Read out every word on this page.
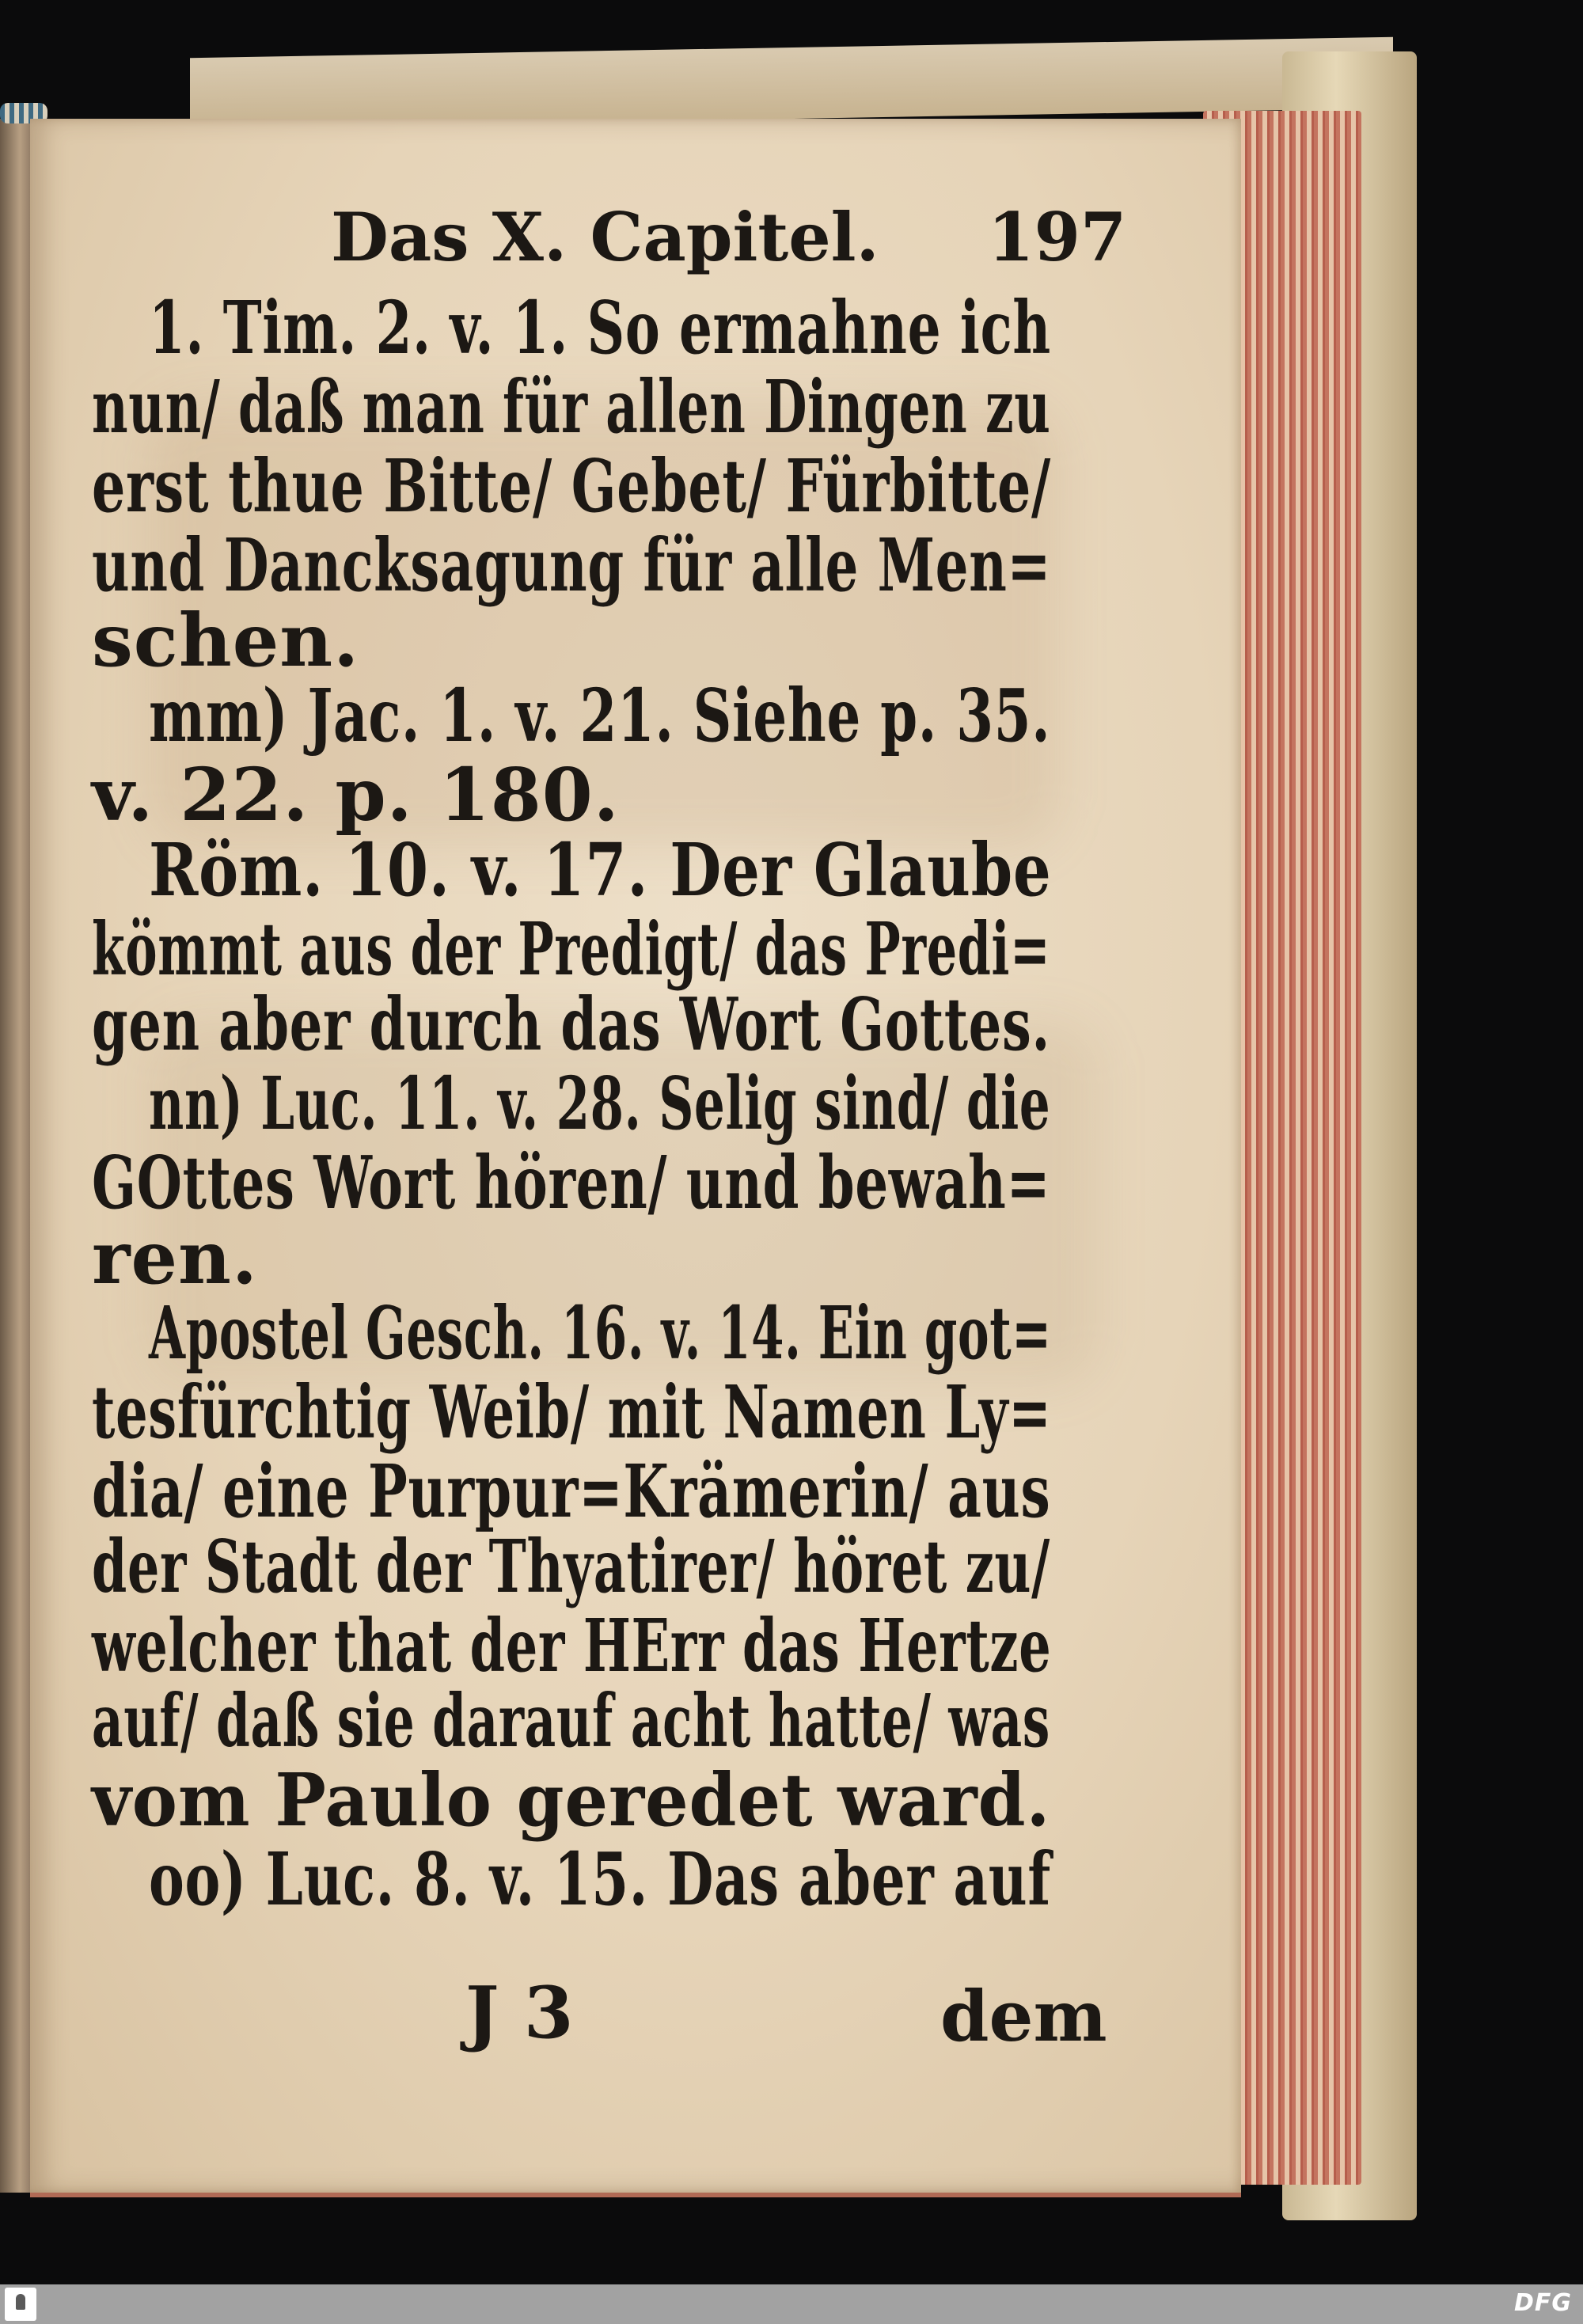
Das X. Capitel. 197
1. Tim. 2. v. 1. So ermahne ich
nun/ daß man für allen Dingen zu
erst thue Bitte/ Gebet/ Fürbitte/
und Dancksagung für alle Men=
schen.
mm) Jac. 1. v. 21. Siehe p. 35.
v. 22. p. 180.
Röm. 10. v. 17. Der Glaube
kömmt aus der Predigt/ das Predi=
gen aber durch das Wort Gottes.
nn) Luc. 11. v. 28. Selig sind/ die
GOttes Wort hören/ und bewah=
ren.
Apostel Gesch. 16. v. 14. Ein got=
tesfürchtig Weib/ mit Namen Ly=
dia/ eine Purpur=Krämerin/ aus
der Stadt der Thyatirer/ höret zu/
welcher that der HErr das Hertze
auf/ daß sie darauf acht hatte/ was
vom Paulo geredet ward.
oo) Luc. 8. v. 15. Das aber auf
J 3	dem
DFG
